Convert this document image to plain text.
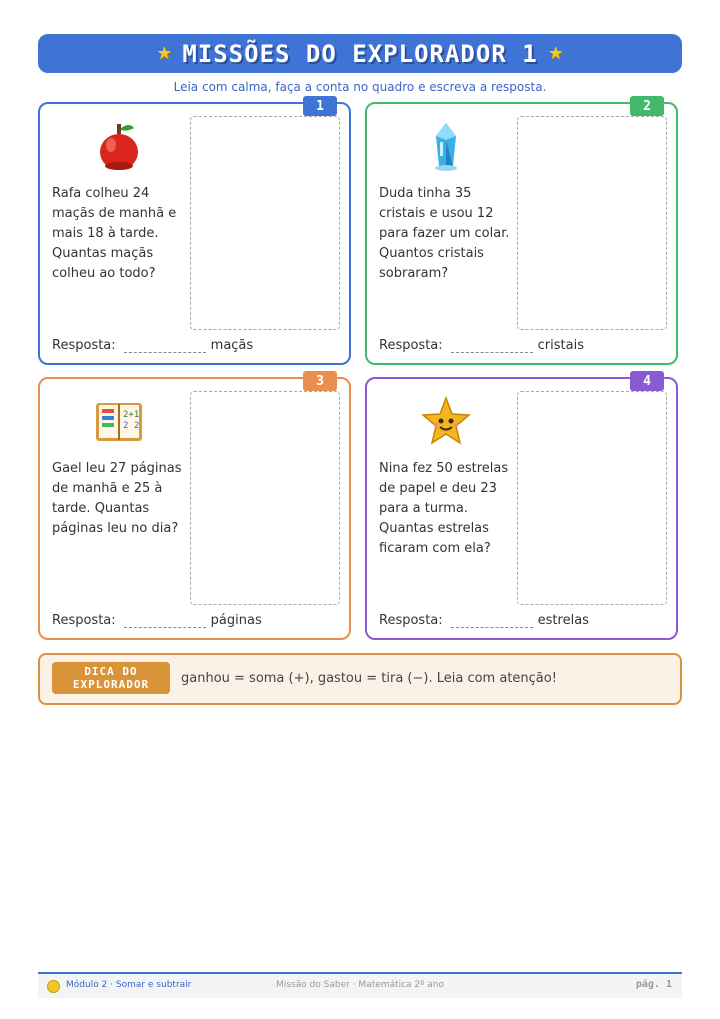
★ MISSÕES DO EXPLORADOR 1 ★
Leia com calma, faça a conta no quadro e escreva a resposta.
1
Rafa colheu 24 maçãs de manhã e mais 18 à tarde. Quantas maçãs colheu ao todo?
Resposta:	maçãs
2
Duda tinha 35 cristais e usou 12 para fazer um colar. Quantos cristais sobraram?
Resposta:	cristais
3
2+1
2 2
Gael leu 27 páginas de manhã e 25 à tarde. Quantas páginas leu no dia?
Resposta:	páginas
4
Nina fez 50 estrelas de papel e deu 23 para a turma. Quantas estrelas ficaram com ela?
Resposta:	estrelas
DICA DO
EXPLORADOR ganhou = soma (+), gastou = tira (−). Leia com atenção!
Módulo 2 · Somar e subtrair	Missão do Saber · Matemática 2º ano	pág. 1
